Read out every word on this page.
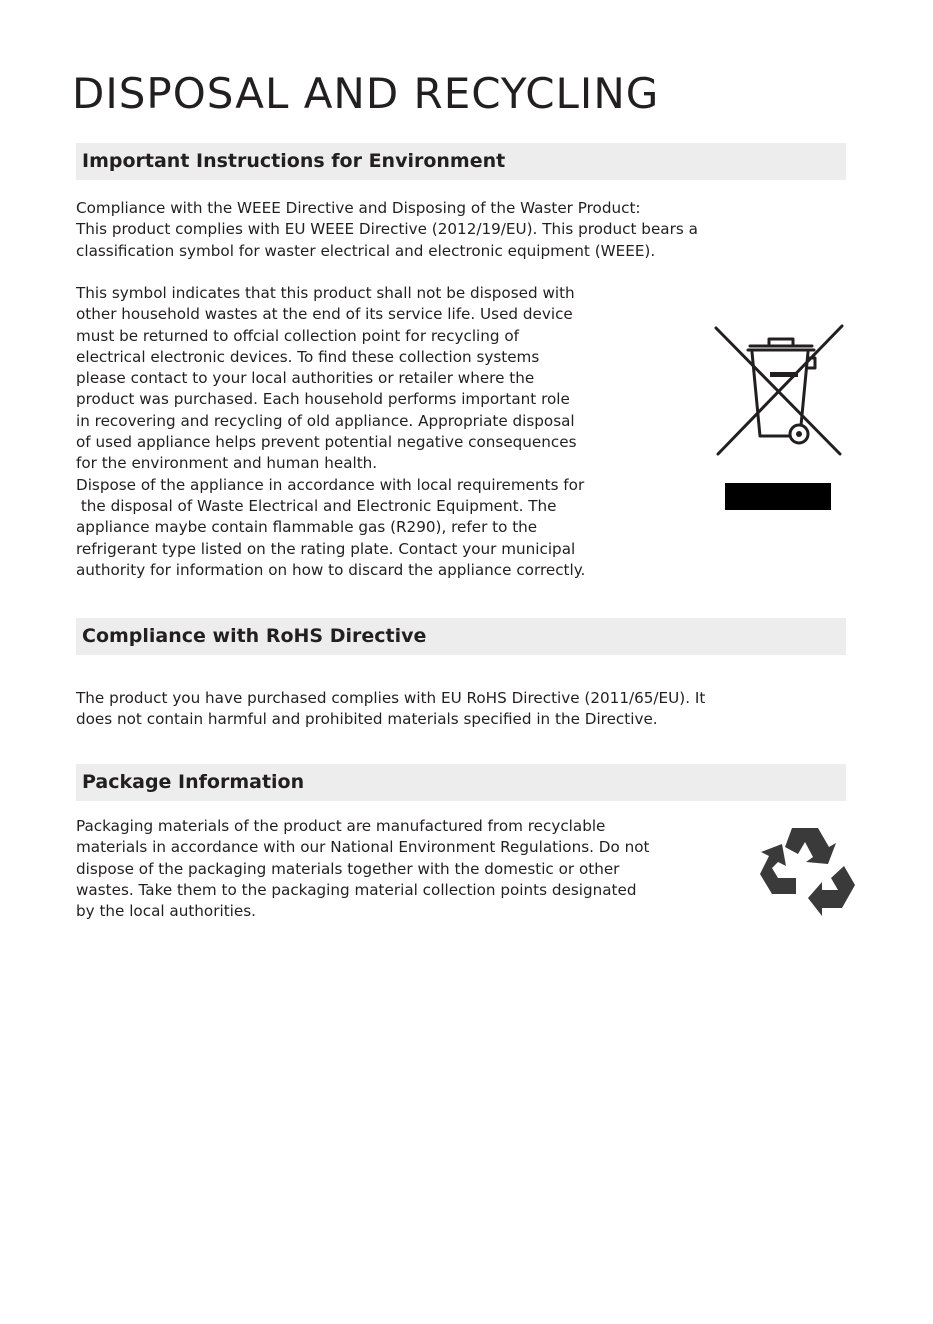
DISPOSAL AND RECYCLING
Important Instructions for Environment
Compliance with the WEEE Directive and Disposing of the Waster Product:
This product complies with EU WEEE Directive (2012/19/EU). This product bears a
classification symbol for waster electrical and electronic equipment (WEEE).
This symbol indicates that this product shall not be disposed with
other household wastes at the end of its service life. Used device
must be returned to offcial collection point for recycling of
electrical electronic devices. To find these collection systems
please contact to your local authorities or retailer where the
product was purchased. Each household performs important role
in recovering and recycling of old appliance. Appropriate disposal
of used appliance helps prevent potential negative consequences
for the environment and human health.
Dispose of the appliance in accordance with local requirements for
the disposal of Waste Electrical and Electronic Equipment. The
appliance maybe contain flammable gas (R290), refer to the
refrigerant type listed on the rating plate. Contact your municipal
authority for information on how to discard the appliance correctly.
Compliance with RoHS Directive
The product you have purchased complies with EU RoHS Directive (2011/65/EU). It
does not contain harmful and prohibited materials specified in the Directive.
Package Information
Packaging materials of the product are manufactured from recyclable
materials in accordance with our National Environment Regulations. Do not
dispose of the packaging materials together with the domestic or other
wastes. Take them to the packaging material collection points designated
by the local authorities.
